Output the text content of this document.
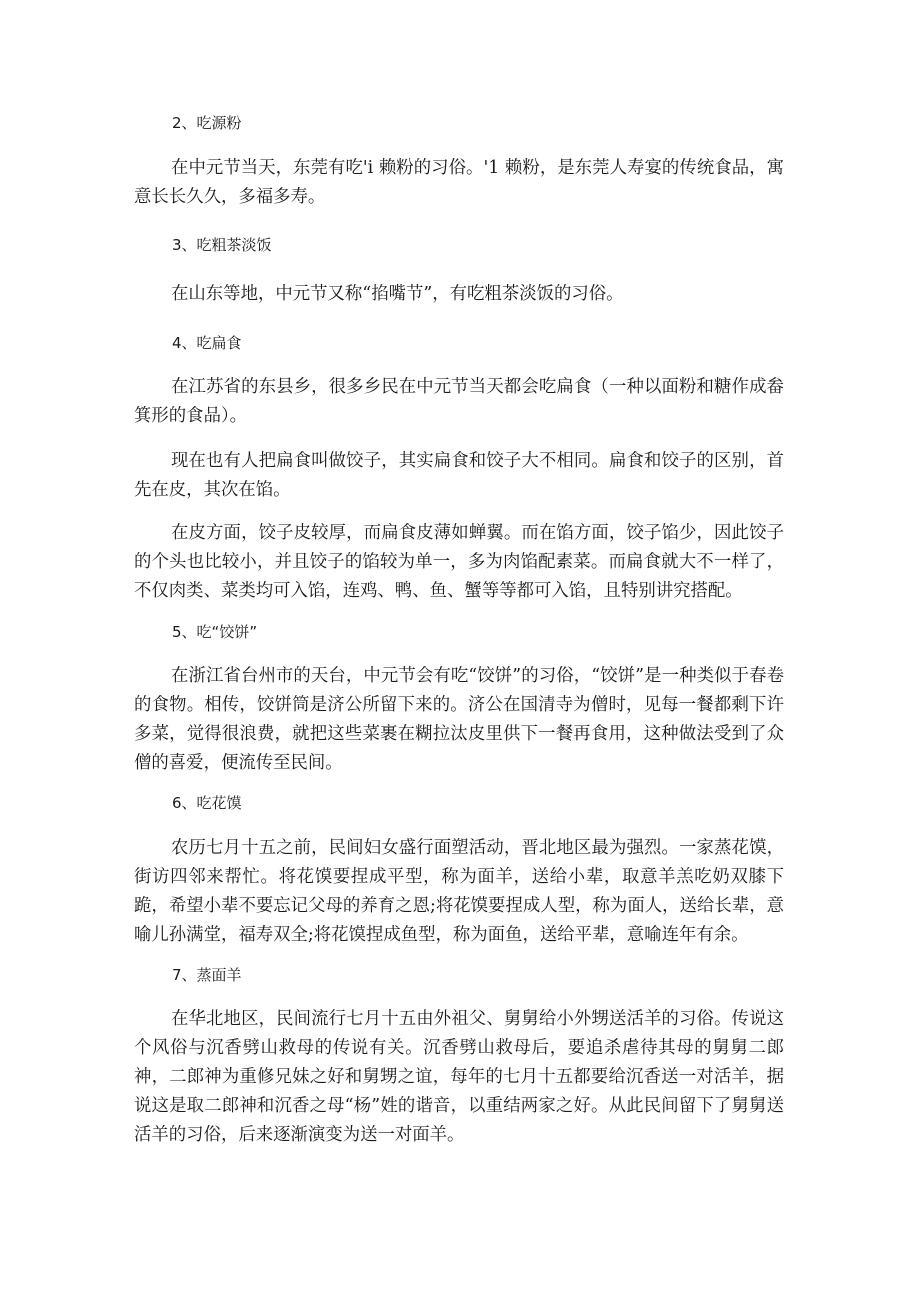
2、吃源粉
在中元节当天，东莞有吃'i 赖粉的习俗。'1 赖粉，是东莞人寿宴的传统食品，寓意长长久久，多福多寿。
3、吃粗茶淡饭
在山东等地，中元节又称“掐嘴节”，有吃粗茶淡饭的习俗。
4、吃扁食
在江苏省的东县乡，很多乡民在中元节当天都会吃扁食（一种以面粉和糖作成畚箕形的食品）。
现在也有人把扁食叫做饺子，其实扁食和饺子大不相同。扁食和饺子的区别，首先在皮，其次在馅。
在皮方面，饺子皮较厚，而扁食皮薄如蝉翼。而在馅方面，饺子馅少，因此饺子的个头也比较小，并且饺子的馅较为单一，多为肉馅配素菜。而扁食就大不一样了，不仅肉类、菜类均可入馅，连鸡、鸭、鱼、蟹等等都可入馅，且特别讲究搭配。
5、吃“饺饼”
在浙江省台州市的天台，中元节会有吃“饺饼”的习俗，“饺饼”是一种类似于春卷的食物。相传，饺饼筒是济公所留下来的。济公在国清寺为僧时，见每一餐都剩下许多菜，觉得很浪费，就把这些菜裹在糊拉汰皮里供下一餐再食用，这种做法受到了众僧的喜爱，便流传至民间。
6、吃花馍
农历七月十五之前，民间妇女盛行面塑活动，晋北地区最为强烈。一家蒸花馍，街访四邻来帮忙。将花馍要捏成平型，称为面羊，送给小辈，取意羊羔吃奶双膝下跪，希望小辈不要忘记父母的养育之恩;将花馍要捏成人型，称为面人，送给长辈，意喻儿孙满堂，福寿双全;将花馍捏成鱼型，称为面鱼，送给平辈，意喻连年有余。
7、蒸面羊
在华北地区，民间流行七月十五由外祖父、舅舅给小外甥送活羊的习俗。传说这个风俗与沉香劈山救母的传说有关。沉香劈山救母后，要追杀虐待其母的舅舅二郎神，二郎神为重修兄妹之好和舅甥之谊，每年的七月十五都要给沉香送一对活羊，据说这是取二郎神和沉香之母“杨”姓的谐音，以重结两家之好。从此民间留下了舅舅送活羊的习俗，后来逐渐演变为送一对面羊。
